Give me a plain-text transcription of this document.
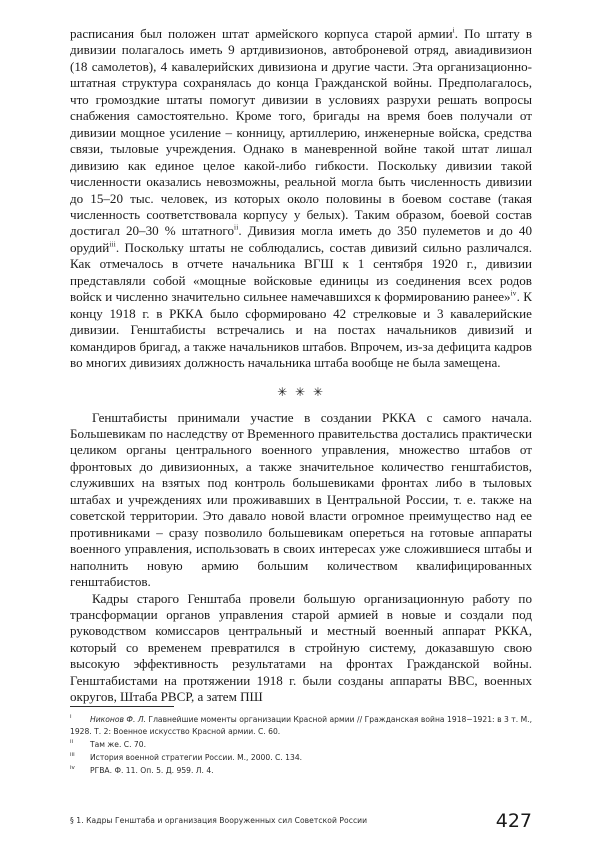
расписания был положен штат армейского корпуса старой армии$^i$. По штату в дивизии полагалось иметь 9 артдивизионов, автоброневой отряд, авиадивизион (18 самолетов), 4 кавалерийских дивизиона и другие части. Эта организационно-штатная структура сохранялась до конца Гражданской войны. Предполагалось, что громоздкие штаты помогут дивизии в условиях разрухи решать вопросы снабжения самостоятельно. Кроме того, бригады на время боев получали от дивизии мощное усиление – конницу, артиллерию, инженерные войска, средства связи, тыловые учреждения. Однако в маневренной войне такой штат лишал дивизию как единое целое какой-либо гибкости. Поскольку дивизии такой численности оказались невозможны, реальной могла быть численность дивизии до 15–20 тыс. человек, из которых около половины в боевом составе (такая численность соответствовала корпусу у белых). Таким образом, боевой состав достигал 20–30 % штатного$^{ii}$. Дивизия могла иметь до 350 пулеметов и до 40 орудий$^{iii}$. Поскольку штаты не соблюдались, состав дивизий сильно различался. Как отмечалось в отчете начальника ВГШ к 1 сентября 1920 г., дивизии представляли собой «мощные войсковые единицы из соединения всех родов войск и численно значительно сильнее намечавшихся к формированию ранее»$^{iv}$. К концу 1918 г. в РККА было сформировано 42 стрелковые и 3 кавалерийские дивизии. Генштабисты встречались и на постах начальников дивизий и командиров бригад, а также начальников штабов. Впрочем, из-за дефицита кадров во многих дивизиях должность начальника штаба вообще не была замещена.

✳ ✳ ✳

Генштабисты принимали участие в создании РККА с самого начала. Большевикам по наследству от Временного правительства достались практически целиком органы центрального военного управления, множество штабов от фронтовых до дивизионных, а также значительное количество генштабистов, служивших на взятых под контроль большевиками фронтах либо в тыловых штабах и учреждениях или проживавших в Центральной России, т. е. также на советской территории. Это давало новой власти огромное преимущество над ее противниками – сразу позволило большевикам опереться на готовые аппараты военного управления, использовать в своих интересах уже сложившиеся штабы и наполнить новую армию большим количеством квалифицированных генштабистов.

Кадры старого Генштаба провели большую организационную работу по трансформации органов управления старой армией в новые и создали под руководством комиссаров центральный и местный военный аппарат РККА, который со временем превратился в стройную систему, доказавшую свою высокую эффективность результатами на фронтах Гражданской войны. Генштабистами на протяжении 1918 г. были созданы аппараты ВВС, военных округов, Штаба РВСР, а затем ПШ

i Никонов Ф. Л. Главнейшие моменты организации Красной армии // Гражданская война 1918−1921: в 3 т. М., 1928. Т. 2: Военное искусство Красной армии. С. 60.
ii Там же. С. 70.
iii История военной стратегии России. М., 2000. С. 134.
iv РГВА. Ф. 11. Оп. 5. Д. 959. Л. 4.
§ 1. Кадры Генштаба и организация Вооруженных сил Советской России	427
